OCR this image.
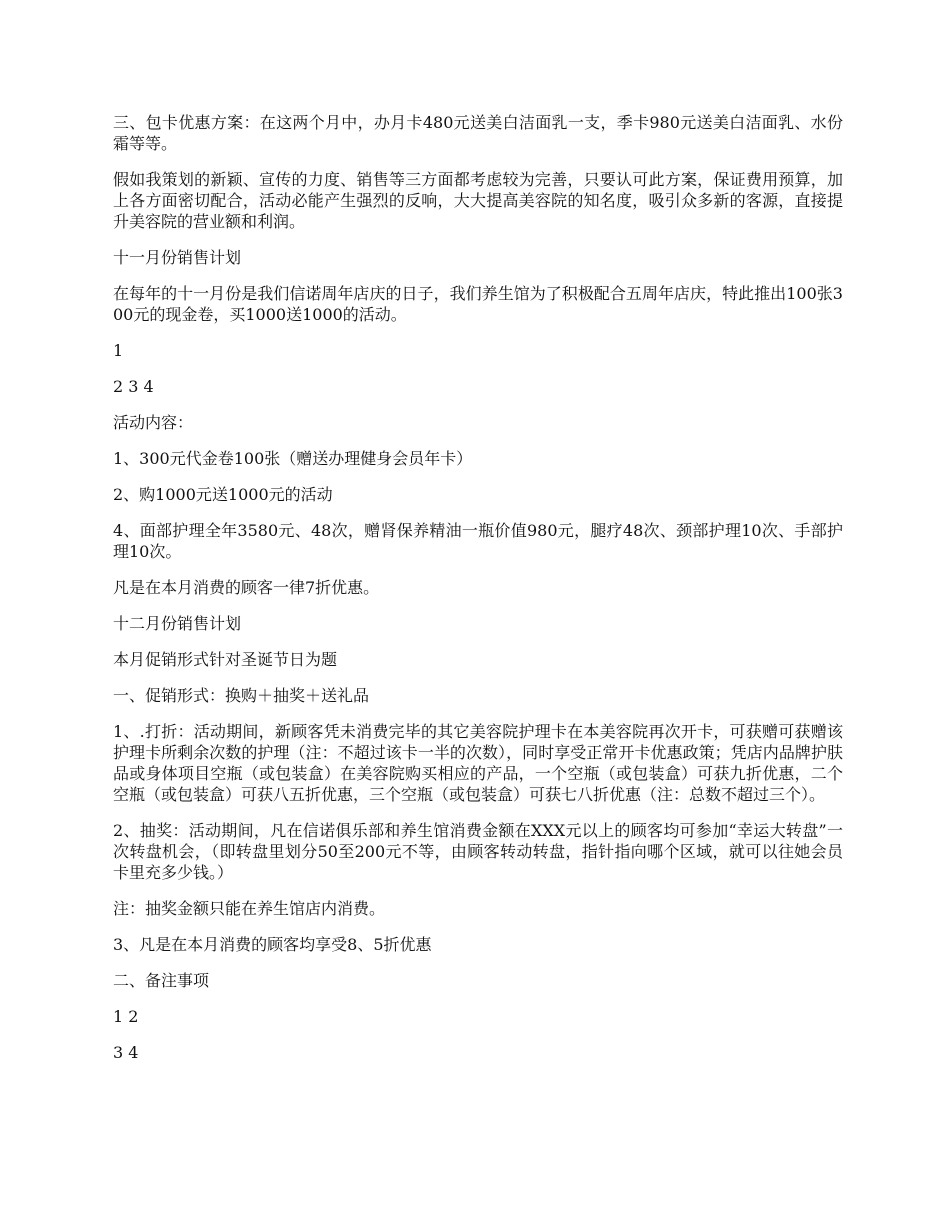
三、包卡优惠方案：在这两个月中，办月卡480元送美白洁面乳一支，季卡980元送美白洁面乳、水份霜等等。

假如我策划的新颖、宣传的力度、销售等三方面都考虑较为完善，只要认可此方案，保证费用预算，加上各方面密切配合，活动必能产生强烈的反响，大大提高美容院的知名度，吸引众多新的客源，直接提升美容院的营业额和利润。

十一月份销售计划

在每年的十一月份是我们信诺周年店庆的日子，我们养生馆为了积极配合五周年店庆，特此推出100张300元的现金卷，买1000送1000的活动。

1

2 3 4

活动内容：

1、300元代金卷100张（赠送办理健身会员年卡）

2、购1000元送1000元的活动

4、面部护理全年3580元、48次，赠肾保养精油一瓶价值980元，腿疗48次、颈部护理10次、手部护理10次。

凡是在本月消费的顾客一律7折优惠。

十二月份销售计划

本月促销形式针对圣诞节日为题

一、促销形式：换购＋抽奖＋送礼品

1、.打折：活动期间，新顾客凭未消费完毕的其它美容院护理卡在本美容院再次开卡，可获赠可获赠该护理卡所剩余次数的护理（注：不超过该卡一半的次数），同时享受正常开卡优惠政策；凭店内品牌护肤品或身体项目空瓶（或包装盒）在美容院购买相应的产品，一个空瓶（或包装盒）可获九折优惠，二个空瓶（或包装盒）可获八五折优惠，三个空瓶（或包装盒）可获七八折优惠（注：总数不超过三个）。

2、抽奖：活动期间，凡在信诺俱乐部和养生馆消费金额在XXX元以上的顾客均可参加“幸运大转盘”一次转盘机会，（即转盘里划分50至200元不等，由顾客转动转盘，指针指向哪个区域，就可以往她会员卡里充多少钱。）

注：抽奖金额只能在养生馆店内消费。

3、凡是在本月消费的顾客均享受8、5折优惠

二、备注事项

1 2

3 4
